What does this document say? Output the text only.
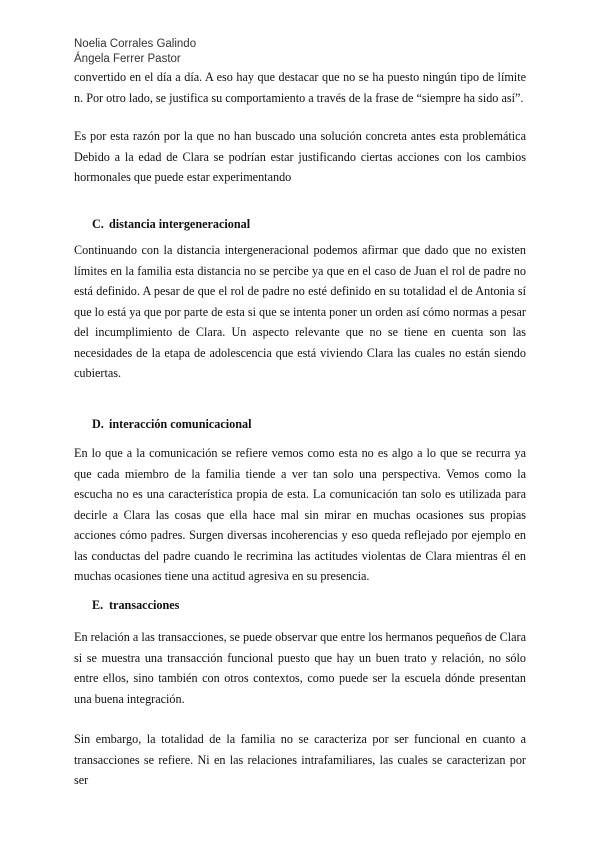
Noelia Corrales Galindo
Ángela Ferrer Pastor

convertido en el día a día. A eso hay que destacar que no se ha puesto ningún tipo de límite n. Por otro lado, se justifica su comportamiento a través de la frase de “siempre ha sido así”.

Es por esta razón por la que no han buscado una solución concreta antes esta problemática Debido a la edad de Clara se podrían estar justificando ciertas acciones con los cambios hormonales que puede estar experimentando

C. distancia intergeneracional

Continuando con la distancia intergeneracional podemos afirmar que dado que no existen límites en la familia esta distancia no se percibe ya que en el caso de Juan el rol de padre no está definido. A pesar de que el rol de padre no esté definido en su totalidad el de Antonia sí que lo está ya que por parte de esta si que se intenta poner un orden así cómo normas a pesar del incumplimiento de Clara. Un aspecto relevante que no se tiene en cuenta son las necesidades de la etapa de adolescencia que está viviendo Clara las cuales no están siendo cubiertas.

D. interacción comunicacional

En lo que a la comunicación se refiere vemos como esta no es algo a lo que se recurra ya que cada miembro de la familia tiende a ver tan solo una perspectiva. Vemos como la escucha no es una característica propia de esta. La comunicación tan solo es utilizada para decirle a Clara las cosas que ella hace mal sin mirar en muchas ocasiones sus propias acciones cómo padres. Surgen diversas incoherencias y eso queda reflejado por ejemplo en las conductas del padre cuando le recrimina las actitudes violentas de Clara mientras él en muchas ocasiones tiene una actitud agresiva en su presencia.

E. transacciones

En relación a las transacciones, se puede observar que entre los hermanos pequeños de Clara si se muestra una transacción funcional puesto que hay un buen trato y relación, no sólo entre ellos, sino también con otros contextos, como puede ser la escuela dónde presentan una buena integración.

Sin embargo, la totalidad de la familia no se caracteriza por ser funcional en cuanto a transacciones se refiere. Ni en las relaciones intrafamiliares, las cuales se caracterizan por ser
